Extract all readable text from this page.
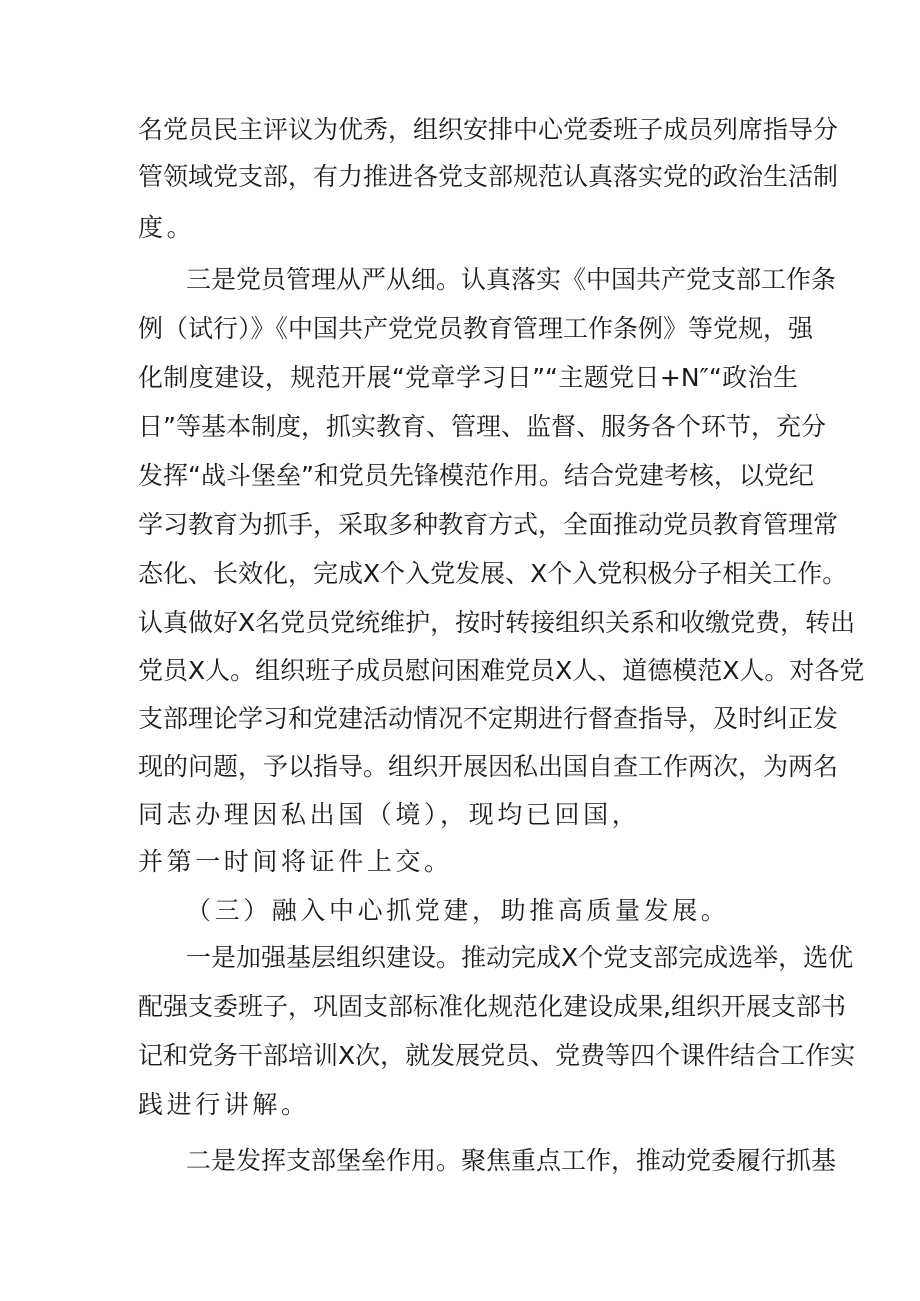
名党员民主评议为优秀，组织安排中心党委班子成员列席指导分
管领域党支部，有力推进各党支部规范认真落实党的政治生活制
度。
三是党员管理从严从细。认真落实《中国共产党支部工作条
例（试行）》《中国共产党党员教育管理工作条例》等党规，强
化制度建设，规范开展“党章学习日”“主题党日+N″“政治生
日”等基本制度，抓实教育、管理、监督、服务各个环节，充分
发挥“战斗堡垒”和党员先锋模范作用。结合党建考核，以党纪
学习教育为抓手，采取多种教育方式，全面推动党员教育管理常
态化、长效化，完成X个入党发展、X个入党积极分子相关工作。
认真做好X名党员党统维护，按时转接组织关系和收缴党费，转出
党员X人。组织班子成员慰问困难党员X人、道德模范X人。对各党
支部理论学习和党建活动情况不定期进行督查指导，及时纠正发
现的问题，予以指导。组织开展因私出国自查工作两次，为两名
同志办理因私出国（境），现均已回国，
并第一时间将证件上交。
（三）融入中心抓党建，助推高质量发展。
一是加强基层组织建设。推动完成X个党支部完成选举，选优
配强支委班子，巩固支部标准化规范化建设成果,组织开展支部书
记和党务干部培训X次，就发展党员、党费等四个课件结合工作实
践进行讲解。
二是发挥支部堡垒作用。聚焦重点工作，推动党委履行抓基
